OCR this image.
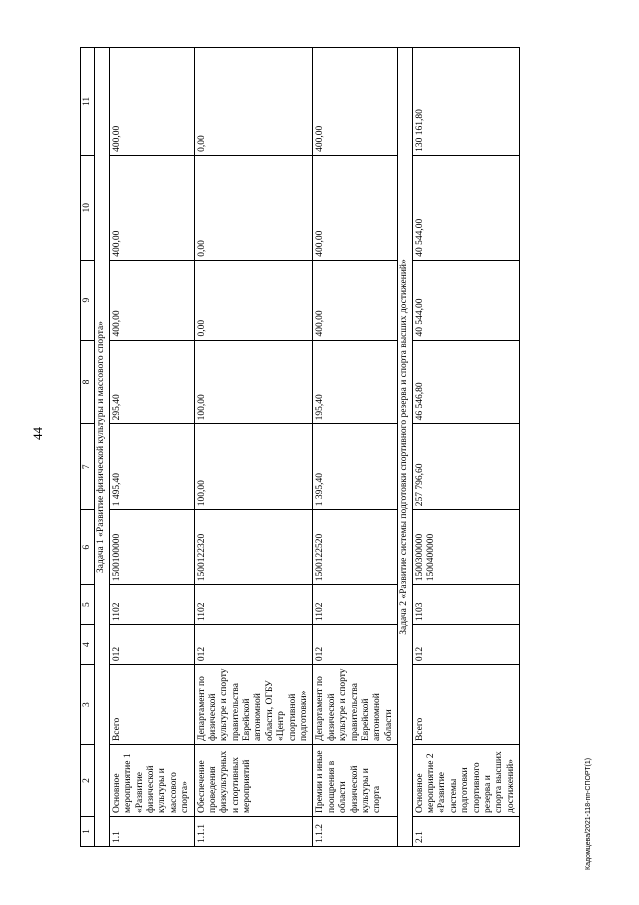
44
Кадомцева/2021-118-пп-СПОРТ(1)
1	2	3	4	5	6	7	8	9	10	11
Задача 1 «Развитие физической культуры и массового спорта»										
1.1	Основное мероприятие 1 «Развитие физической культуры и массового спорта»	Всего	012	1102	1500100000	1 495,40	295,40	400,00	400,00	400,00
1.1.1	Обеспечение проведения физкультурных и спортивных мероприятий	Департамент по физической культуре и спорту правительства Еврейской автономной области, ОГБУ «Центр спортивной подготовки»	012	1102	1500122320	100,00	100,00	0,00	0,00	0,00
1.1.2	Премии и иные поощрения в области физической культуры и спорта	Департамент по физической культуре и спорту правительства Еврейской автономной области	012	1102	1500122520	1 395,40	195,40	400,00	400,00	400,00
Задача 2 «Развитие системы подготовки спортивного резерва и спорта высших достижений»										
2.1	Основное мероприятие 2 «Развитие системы подготовки спортивного резерва и спорта высших достижений»	Всего	012	1103	1500300000 1500400000	257 796,60	46 546,80	40 544,00	40 544,00	130 161,80
